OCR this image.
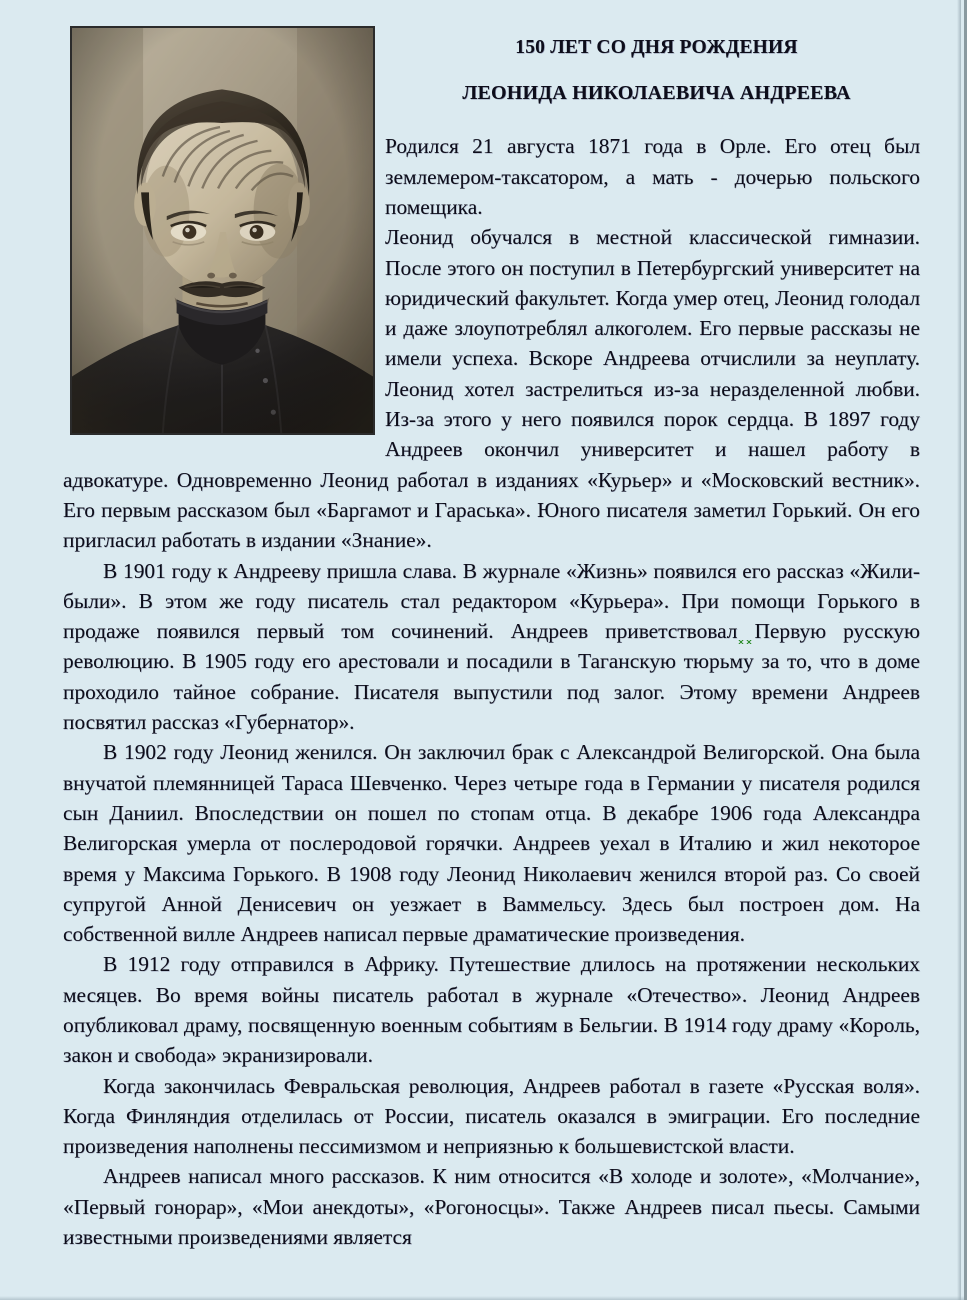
150 ЛЕТ СО ДНЯ РОЖДЕНИЯ
ЛЕОНИДА НИКОЛАЕВИЧА АНДРЕЕВА

Родился 21 августа 1871 года в Орле. Его отец был землемером-таксатором, а мать - дочерью польского помещика.

Леонид обучался в местной классической гимназии. После этого он поступил в Петербургский университет на юридический факультет. Когда умер отец, Леонид голодал и даже злоупотреблял алкоголем. Его первые рассказы не имели успеха. Вскоре Андреева отчислили за неуплату. Леонид хотел застрелиться из-за неразделенной любви. Из-за этого у него появился порок сердца. В 1897 году Андреев окончил университет и нашел работу в адвокатуре. Одновременно Леонид работал в изданиях «Курьер» и «Московский вестник». Его первым рассказом был «Баргамот и Гараська». Юного писателя заметил Горький. Он его пригласил работать в издании «Знание».

В 1901 году к Андрееву пришла слава. В журнале «Жизнь» появился его рассказ «Жили-были». В этом же году писатель стал редактором «Курьера». При помощи Горького в продаже появился первый том сочинений. Андреев приветствовал Первую русскую революцию. В 1905 году его арестовали и посадили в Таганскую тюрьму за то, что в доме проходило тайное собрание. Писателя выпустили под залог. Этому времени Андреев посвятил рассказ «Губернатор».

В 1902 году Леонид женился. Он заключил брак с Александрой Велигорской. Она была внучатой племянницей Тараса Шевченко. Через четыре года в Германии у писателя родился сын Даниил. Впоследствии он пошел по стопам отца. В декабре 1906 года Александра Велигорская умерла от послеродовой горячки. Андреев уехал в Италию и жил некоторое время у Максима Горького. В 1908 году Леонид Николаевич женился второй раз. Со своей супругой Анной Денисевич он уезжает в Ваммельсу. Здесь был построен дом. На собственной вилле Андреев написал первые драматические произведения.

В 1912 году отправился в Африку. Путешествие длилось на протяжении нескольких месяцев. Во время войны писатель работал в журнале «Отечество». Леонид Андреев опубликовал драму, посвященную военным событиям в Бельгии. В 1914 году драму «Король, закон и свобода» экранизировали.

Когда закончилась Февральская революция, Андреев работал в газете «Русская воля». Когда Финляндия отделилась от России, писатель оказался в эмиграции. Его последние произведения наполнены пессимизмом и неприязнью к большевистской власти.

Андреев написал много рассказов. К ним относится «В холоде и золоте», «Молчание», «Первый гонорар», «Мои анекдоты», «Рогоносцы». Также Андреев писал пьесы. Самыми известными произведениями является
